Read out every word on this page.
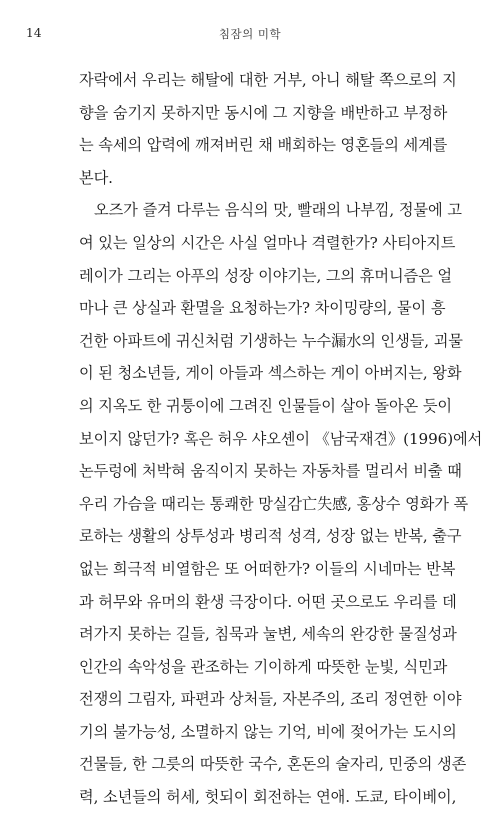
14	침잠의 미학
자락에서 우리는 해탈에 대한 거부, 아니 해탈 쪽으로의 지
향을 숨기지 못하지만 동시에 그 지향을 배반하고 부정하
는 속세의 압력에 깨져버린 채 배회하는 영혼들의 세계를
본다.
오즈가 즐겨 다루는 음식의 맛, 빨래의 나부낌, 정물에 고
여 있는 일상의 시간은 사실 얼마나 격렬한가? 사티아지트
레이가 그리는 아푸의 성장 이야기는, 그의 휴머니즘은 얼
마나 큰 상실과 환멸을 요청하는가? 차이밍량의, 물이 흥
건한 아파트에 귀신처럼 기생하는 누수漏水의 인생들, 괴물
이 된 청소년들, 게이 아들과 섹스하는 게이 아버지는, 왕화
의 지옥도 한 귀퉁이에 그려진 인물들이 살아 돌아온 듯이
보이지 않던가? 혹은 허우 샤오셴이 《남국재견》(1996)에서
논두렁에 처박혀 움직이지 못하는 자동차를 멀리서 비출 때
우리 가슴을 때리는 통쾌한 망실감亡失感, 홍상수 영화가 폭
로하는 생활의 상투성과 병리적 성격, 성장 없는 반복, 출구
없는 희극적 비열함은 또 어떠한가? 이들의 시네마는 반복
과 허무와 유머의 환생 극장이다. 어떤 곳으로도 우리를 데
려가지 못하는 길들, 침묵과 눌변, 세속의 완강한 물질성과
인간의 속악성을 관조하는 기이하게 따뜻한 눈빛, 식민과
전쟁의 그림자, 파편과 상처들, 자본주의, 조리 정연한 이야
기의 불가능성, 소멸하지 않는 기억, 비에 젖어가는 도시의
건물들, 한 그릇의 따뜻한 국수, 혼돈의 술자리, 민중의 생존
력, 소년들의 허세, 헛되이 회전하는 연애. 도쿄, 타이베이,
